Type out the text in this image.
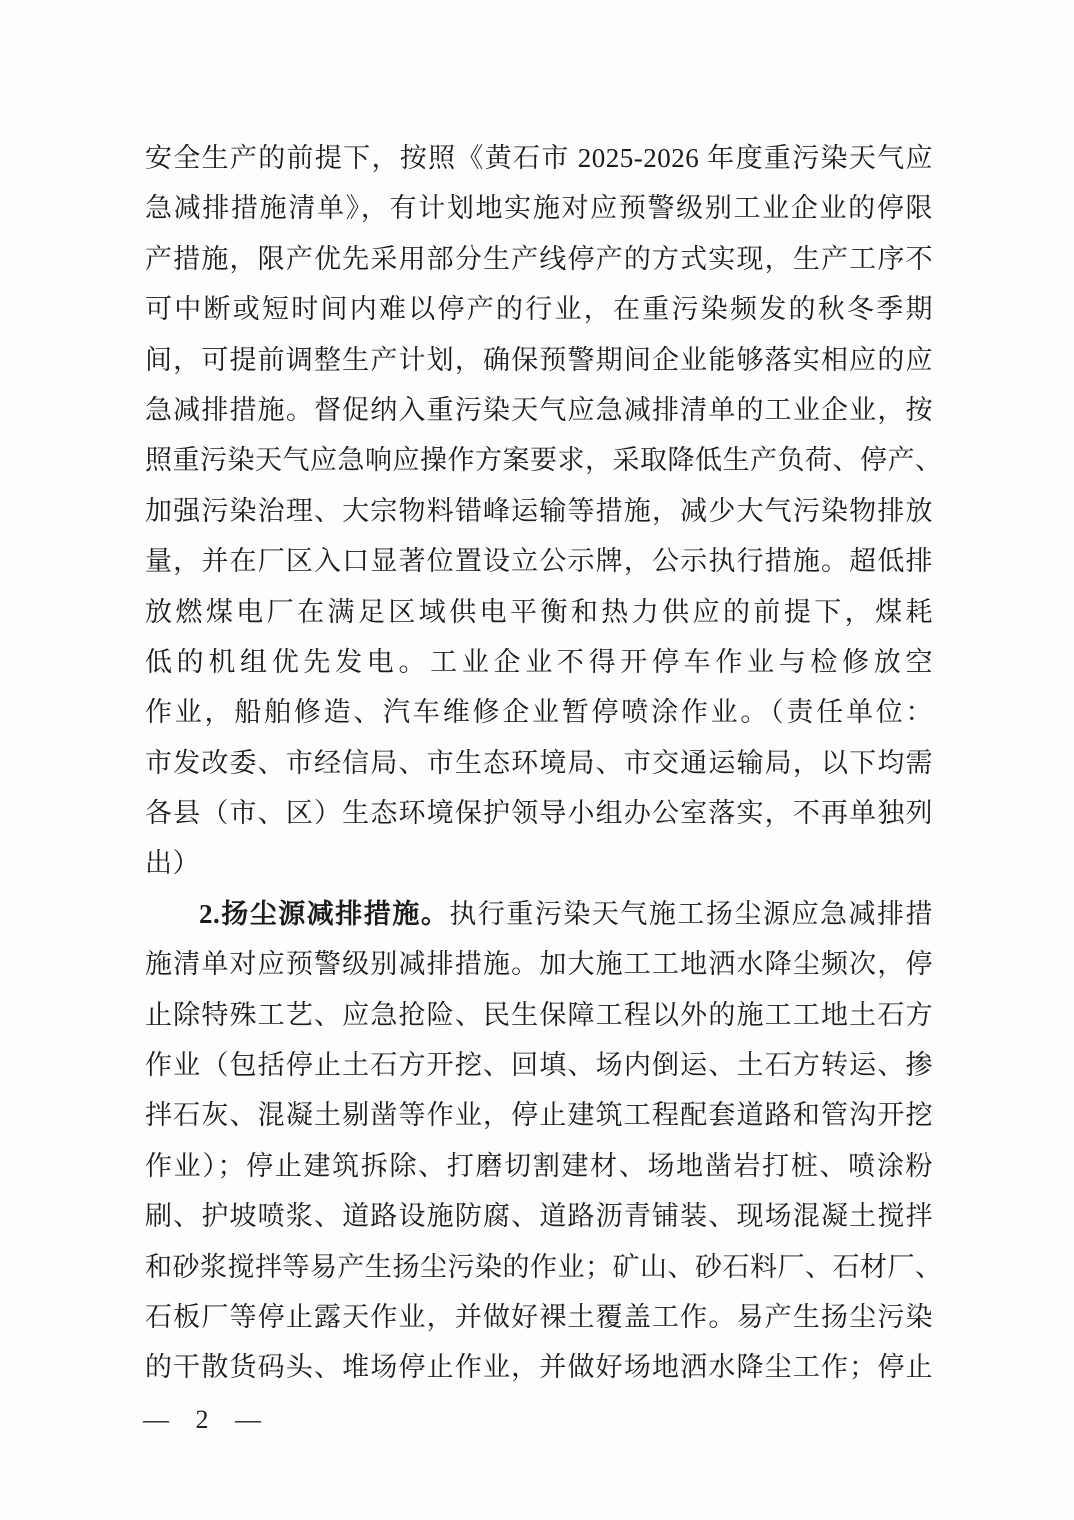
安全生产的前提下，按照《黄石市 2025-2026 年度重污染天气应
急减排措施清单》，有计划地实施对应预警级别工业企业的停限
产措施，限产优先采用部分生产线停产的方式实现，生产工序不
可中断或短时间内难以停产的行业，在重污染频发的秋冬季期
间，可提前调整生产计划，确保预警期间企业能够落实相应的应
急减排措施。督促纳入重污染天气应急减排清单的工业企业，按
照重污染天气应急响应操作方案要求，采取降低生产负荷、停产、
加强污染治理、大宗物料错峰运输等措施，减少大气污染物排放
量，并在厂区入口显著位置设立公示牌，公示执行措施。超低排
放燃煤电厂在满足区域供电平衡和热力供应的前提下，煤耗
低的机组优先发电。工业企业不得开停车作业与检修放空
作业，船舶修造、汽车维修企业暂停喷涂作业。（责任单位：
市发改委、市经信局、市生态环境局、市交通运输局，以下均需
各县（市、区）生态环境保护领导小组办公室落实，不再单独列
出）
2.扬尘源减排措施。执行重污染天气施工扬尘源应急减排措
施清单对应预警级别减排措施。加大施工工地洒水降尘频次，停
止除特殊工艺、应急抢险、民生保障工程以外的施工工地土石方
作业（包括停止土石方开挖、回填、场内倒运、土石方转运、掺
拌石灰、混凝土剔凿等作业，停止建筑工程配套道路和管沟开挖
作业）；停止建筑拆除、打磨切割建材、场地凿岩打桩、喷涂粉
刷、护坡喷浆、道路设施防腐、道路沥青铺装、现场混凝土搅拌
和砂浆搅拌等易产生扬尘污染的作业；矿山、砂石料厂、石材厂、
石板厂等停止露天作业，并做好裸土覆盖工作。易产生扬尘污染
的干散货码头、堆场停止作业，并做好场地洒水降尘工作；停止
— 2 —
